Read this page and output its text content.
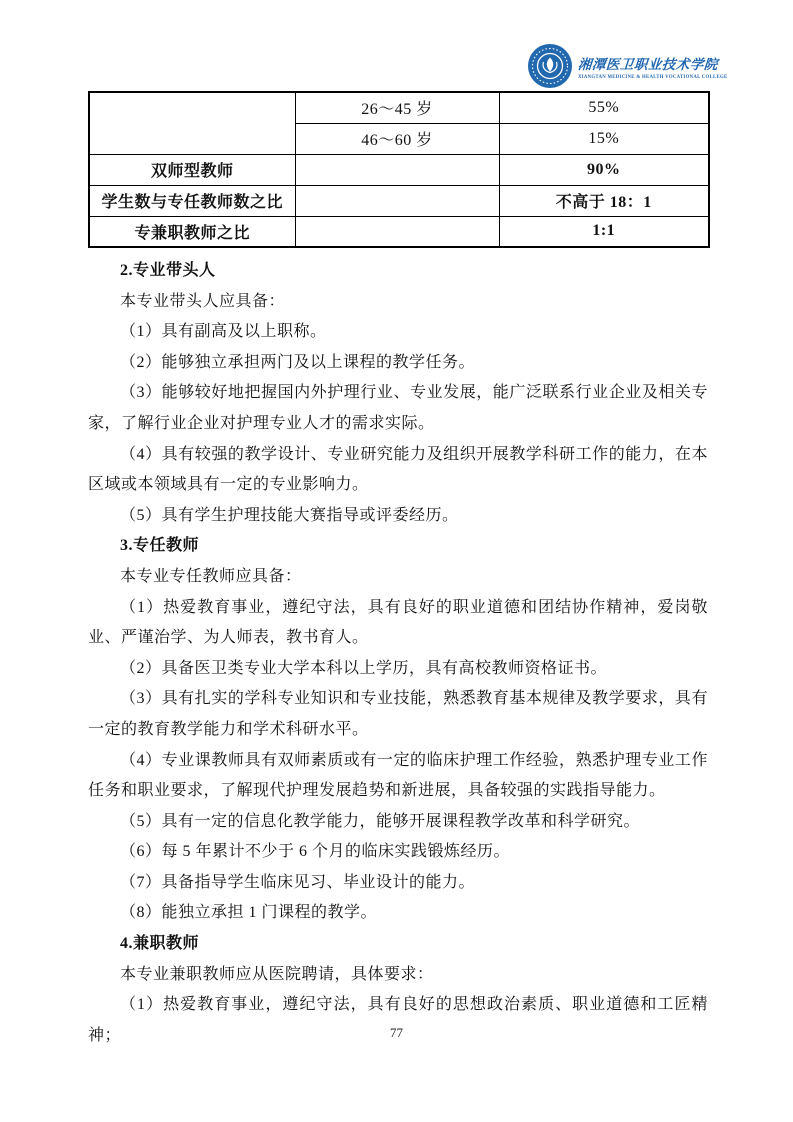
湘潭医卫职业技术学院
XIANGTAN MEDICINE & HEALTH VOCATIONAL COLLEGE
	26～45 岁	55%
	46～60 岁	15%
双师型教师		90%
学生数与专任教师数之比		不高于 18：1
专兼职教师之比		1:1

2.专业带头人

本专业带头人应具备：

（1）具有副高及以上职称。

（2）能够独立承担两门及以上课程的教学任务。

（3）能够较好地把握国内外护理行业、专业发展，能广泛联系行业企业及相关专家，了解行业企业对护理专业人才的需求实际。

（4）具有较强的教学设计、专业研究能力及组织开展教学科研工作的能力，在本区域或本领域具有一定的专业影响力。

（5）具有学生护理技能大赛指导或评委经历。

3.专任教师

本专业专任教师应具备：

（1）热爱教育事业，遵纪守法，具有良好的职业道德和团结协作精神，爱岗敬业、严谨治学、为人师表，教书育人。

（2）具备医卫类专业大学本科以上学历，具有高校教师资格证书。

（3）具有扎实的学科专业知识和专业技能，熟悉教育基本规律及教学要求，具有一定的教育教学能力和学术科研水平。

（4）专业课教师具有双师素质或有一定的临床护理工作经验，熟悉护理专业工作任务和职业要求，了解现代护理发展趋势和新进展，具备较强的实践指导能力。

（5）具有一定的信息化教学能力，能够开展课程教学改革和科学研究。

（6）每 5 年累计不少于 6 个月的临床实践锻炼经历。

（7）具备指导学生临床见习、毕业设计的能力。

（8）能独立承担 1 门课程的教学。

4.兼职教师

本专业兼职教师应从医院聘请，具体要求：

（1）热爱教育事业，遵纪守法，具有良好的思想政治素质、职业道德和工匠精神；	77
